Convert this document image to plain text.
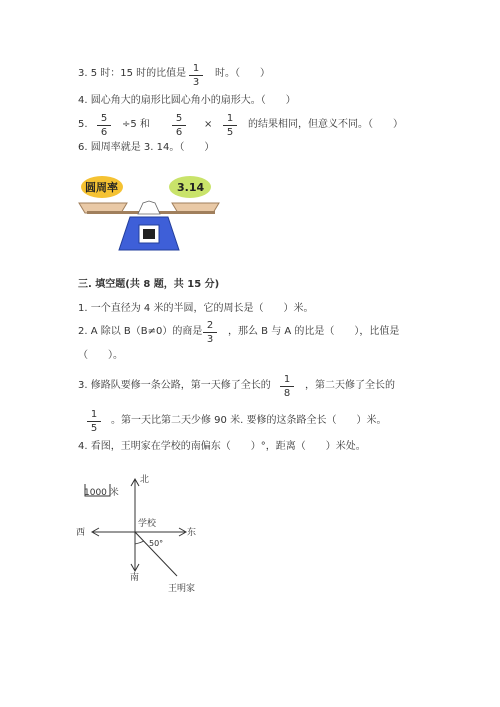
3. 5 时：15 时的比值是 1
3
时。（　　）
4. 圆心角大的扇形比圆心角小的扇形大。（　　）
5.
5
6
÷5 和
5
6
×
1
5
的结果相同，但意义不同。（　　）
6. 圆周率就是 3. 14。（　　）
圆周率	3.14
三. 填空题(共 8 题，共 15 分)
1. 一个直径为 4 米的半圆，它的周长是（　　）米。
2. A 除以 B（B≠0）的商是
2
3
，那么 B 与 A 的比是（　　），比值是
（　　）。
3. 修路队要修一条公路，第一天修了全长的
1
8
，第二天修了全长的
1
5
。第一天比第二天少修 90 米. 要修的这条路全长（　　）米。
4. 看图，王明家在学校的南偏东（　　）°，距离（　　）米处。
1000 米
北
南
西	东
学校
50°
王明家
